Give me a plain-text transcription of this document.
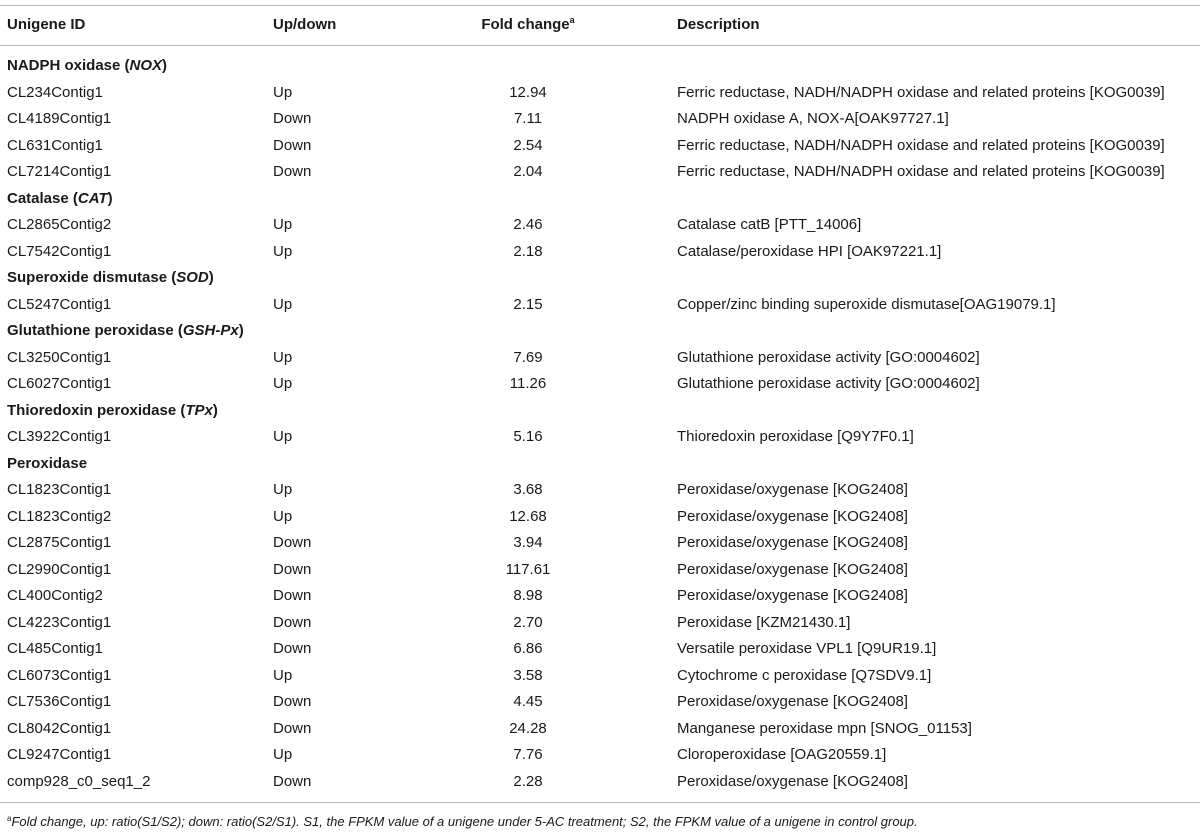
Unigene ID	Up/down	Fold change$^a$	Description
NADPH oxidase (NOX)
CL234Contig1	Up	12.94	Ferric reductase, NADH/NADPH oxidase and related proteins [KOG0039]
CL4189Contig1	Down	7.11	NADPH oxidase A, NOX-A[OAK97727.1]
CL631Contig1	Down	2.54	Ferric reductase, NADH/NADPH oxidase and related proteins [KOG0039]
CL7214Contig1	Down	2.04	Ferric reductase, NADH/NADPH oxidase and related proteins [KOG0039]
Catalase (CAT)
CL2865Contig2	Up	2.46	Catalase catB [PTT_14006]
CL7542Contig1	Up	2.18	Catalase/peroxidase HPI [OAK97221.1]
Superoxide dismutase (SOD)
CL5247Contig1	Up	2.15	Copper/zinc binding superoxide dismutase[OAG19079.1]
Glutathione peroxidase (GSH-Px)
CL3250Contig1	Up	7.69	Glutathione peroxidase activity [GO:0004602]
CL6027Contig1	Up	11.26	Glutathione peroxidase activity [GO:0004602]
Thioredoxin peroxidase (TPx)
CL3922Contig1	Up	5.16	Thioredoxin peroxidase [Q9Y7F0.1]
Peroxidase
CL1823Contig1	Up	3.68	Peroxidase/oxygenase [KOG2408]
CL1823Contig2	Up	12.68	Peroxidase/oxygenase [KOG2408]
CL2875Contig1	Down	3.94	Peroxidase/oxygenase [KOG2408]
CL2990Contig1	Down	117.61	Peroxidase/oxygenase [KOG2408]
CL400Contig2	Down	8.98	Peroxidase/oxygenase [KOG2408]
CL4223Contig1	Down	2.70	Peroxidase [KZM21430.1]
CL485Contig1	Down	6.86	Versatile peroxidase VPL1 [Q9UR19.1]
CL6073Contig1	Up	3.58	Cytochrome c peroxidase [Q7SDV9.1]
CL7536Contig1	Down	4.45	Peroxidase/oxygenase [KOG2408]
CL8042Contig1	Down	24.28	Manganese peroxidase mpn [SNOG_01153]
CL9247Contig1	Up	7.76	Cloroperoxidase [OAG20559.1]
comp928_c0_seq1_2	Down	2.28	Peroxidase/oxygenase [KOG2408]
$^a$Fold change, up: ratio(S1/S2); down: ratio(S2/S1). S1, the FPKM value of a unigene under 5-AC treatment; S2, the FPKM value of a unigene in control group.
